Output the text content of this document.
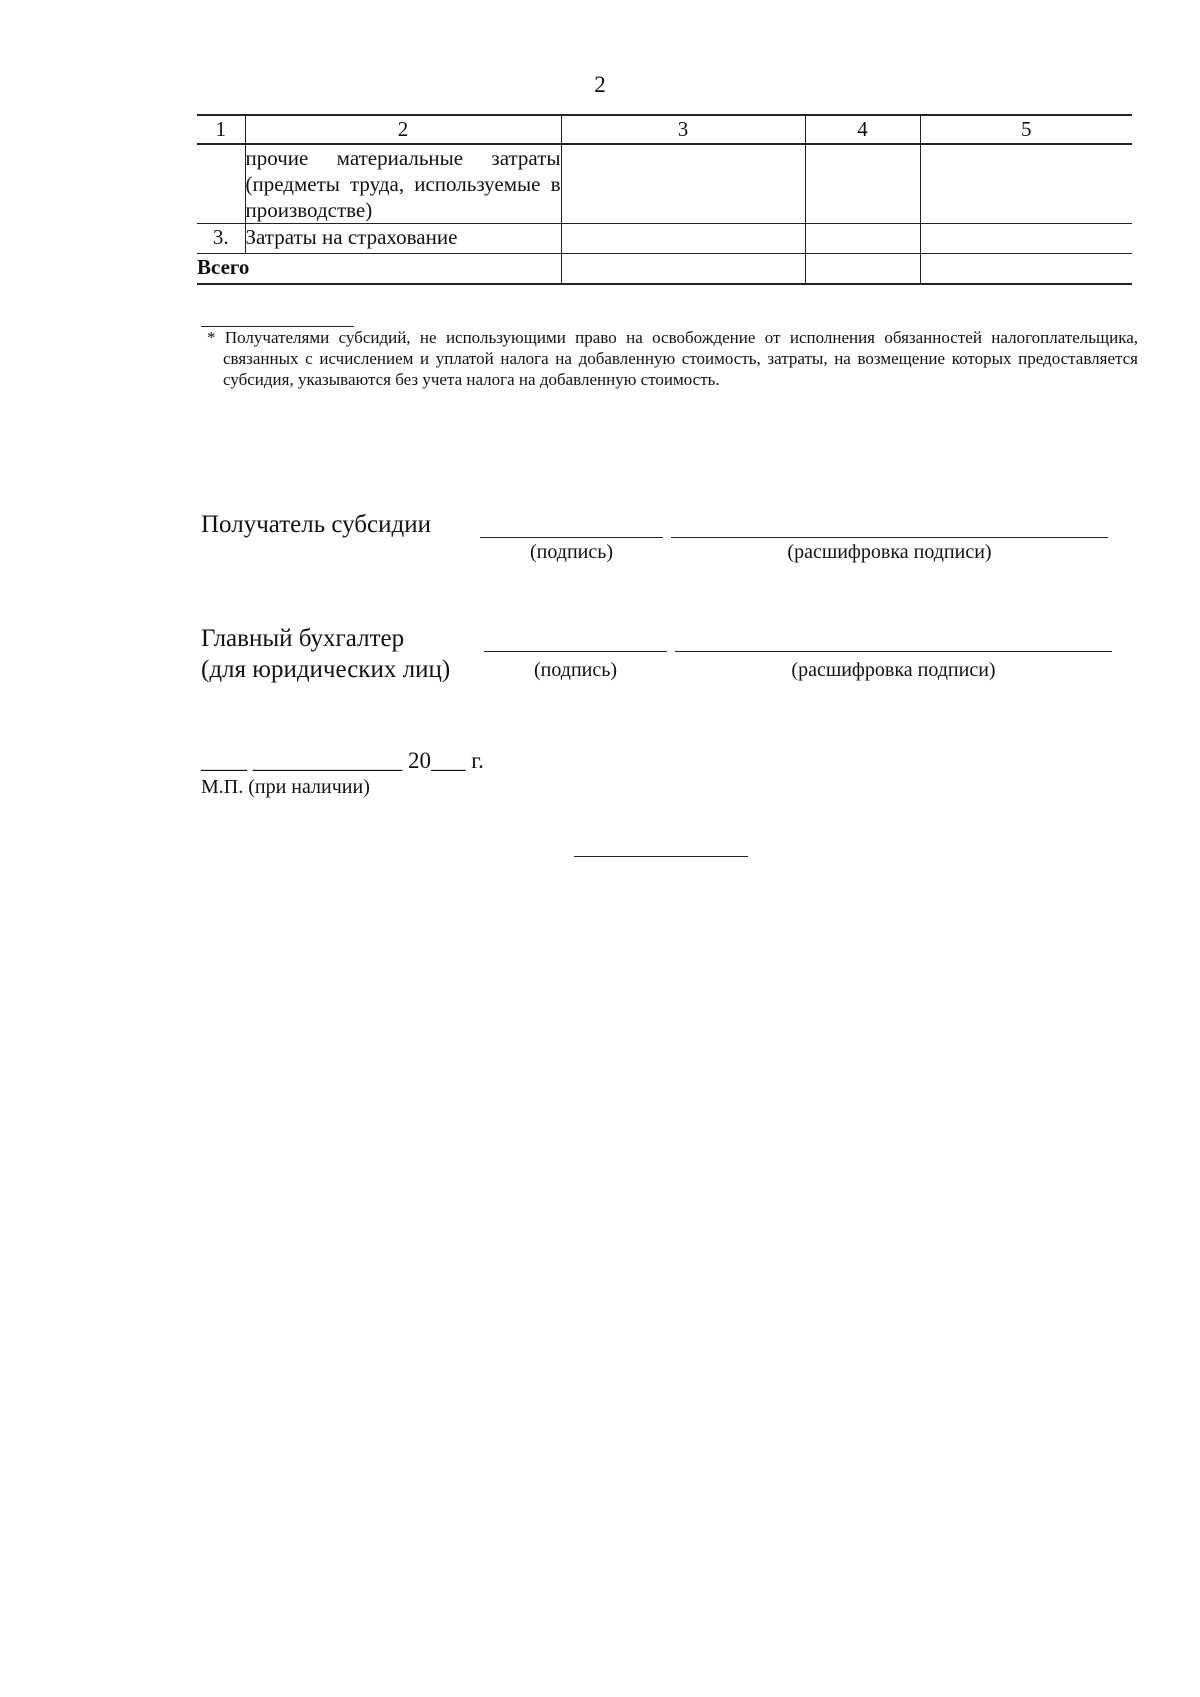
2
1	2	3	4	5
	прочие материальные затраты (предметы труда, используемые в производстве)			
3.	Затраты на страхование			
Всего				
* Получателями субсидий, не использующими право на освобождение от исполнения обязанностей налогоплательщика, связанных с исчислением и уплатой налога на добавленную стоимость, затраты, на возмещение которых предоставляется субсидия, указываются без учета налога на добавленную стоимость.
Получатель субсидии
(подпись)	(расшифровка подписи)
Главный бухгалтер
(для юридических лиц)	(подпись)	(расшифровка подписи)
____ _____________ 20___ г.
М.П. (при наличии)
